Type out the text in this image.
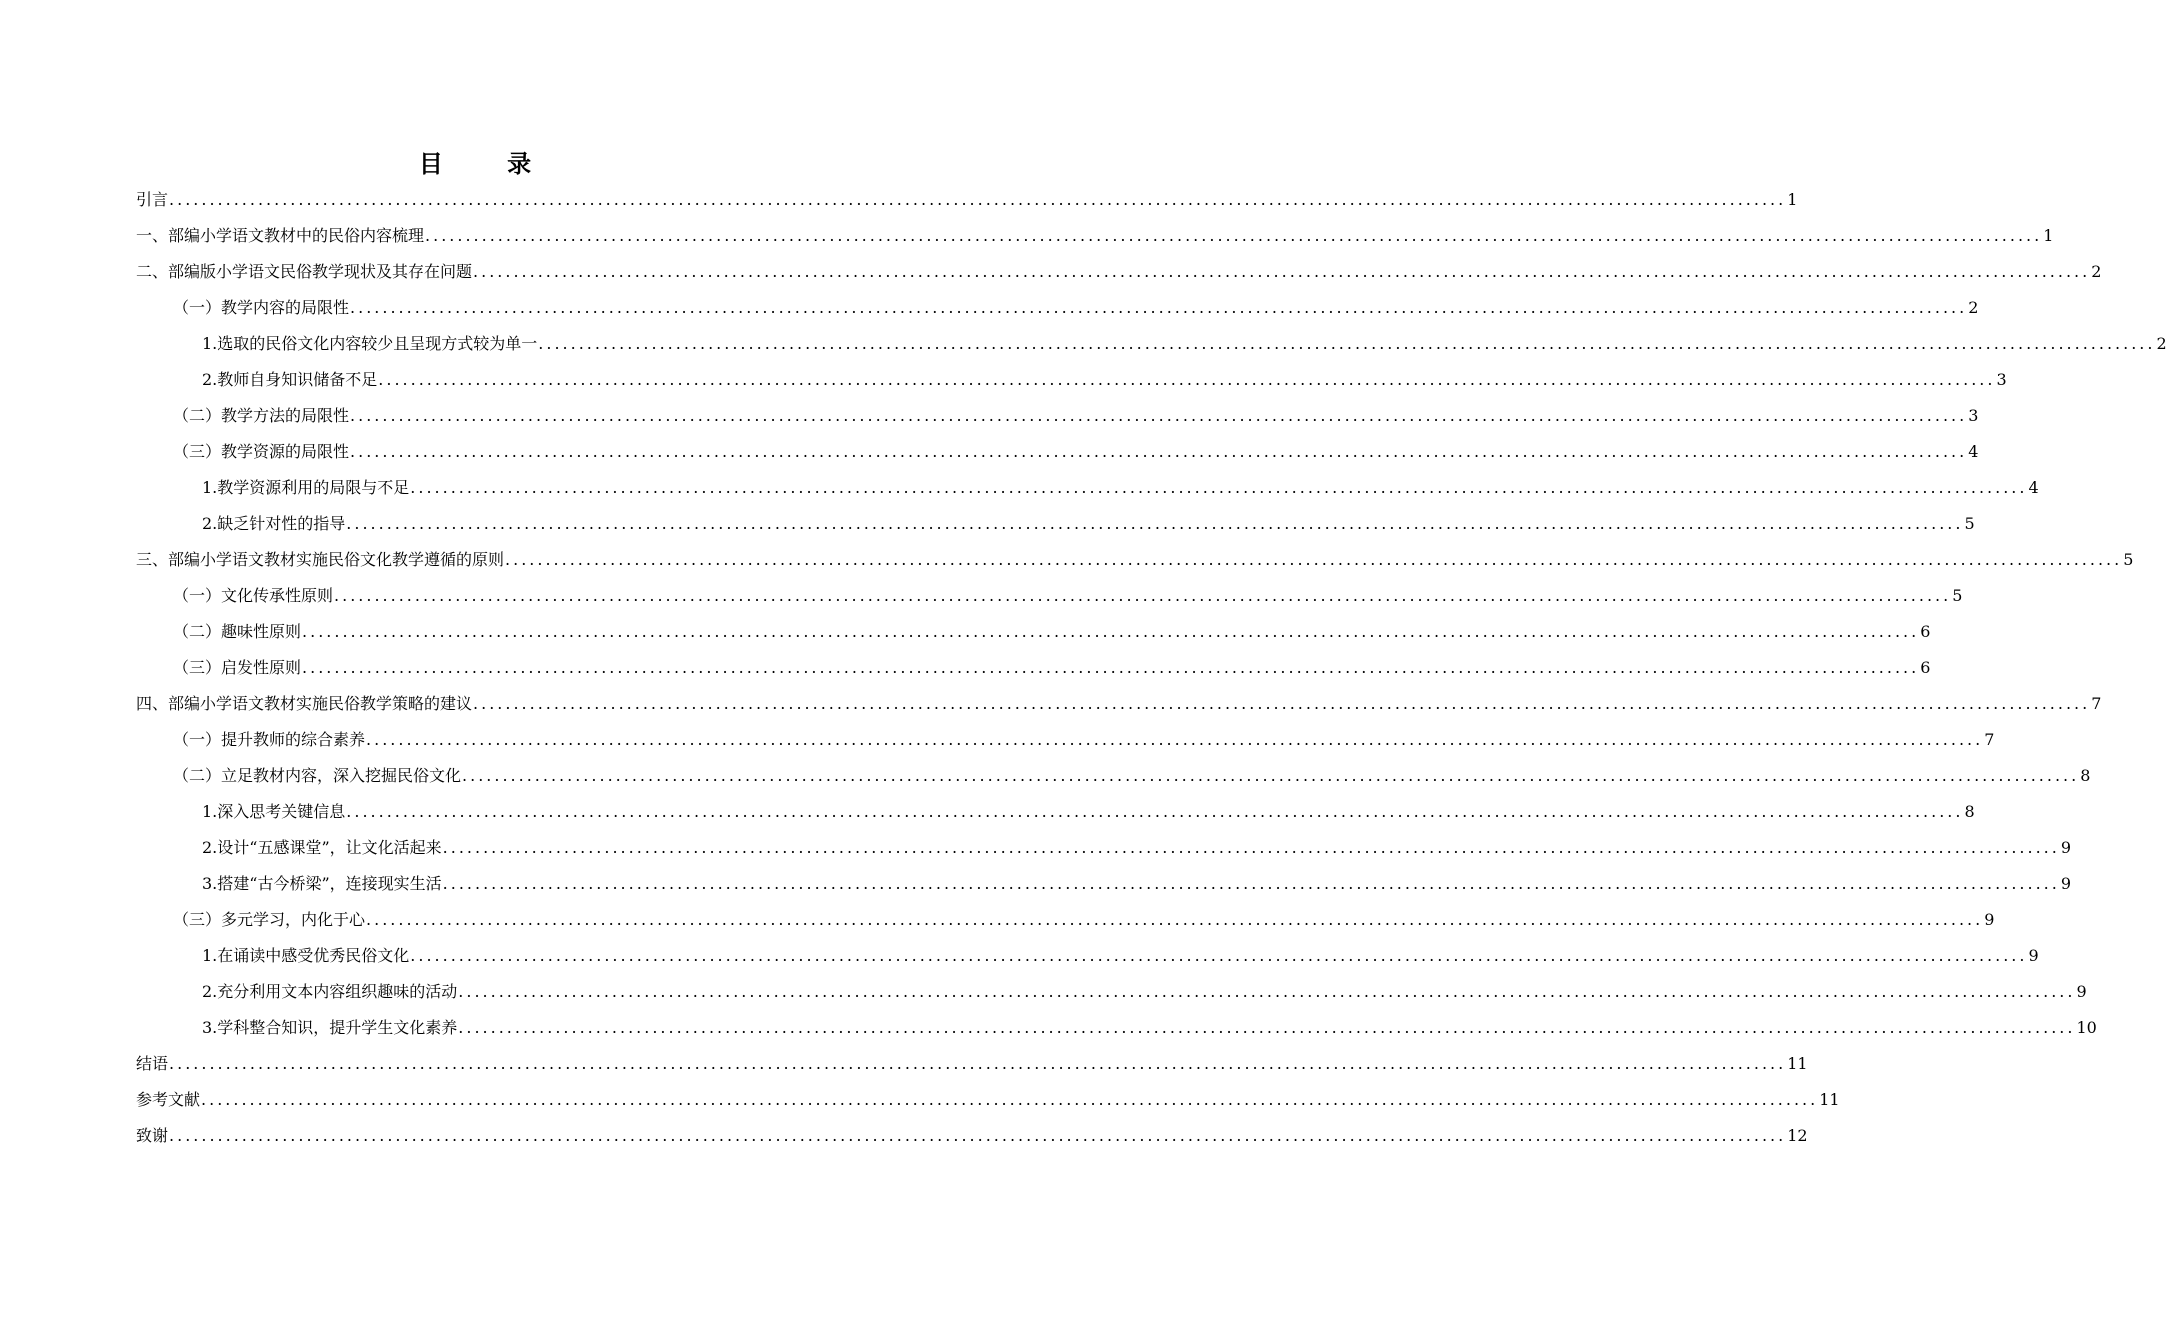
目 录
引言 ........................................................................................................................................................................................................ 1
一、部编小学语文教材中的民俗内容梳理 ........................................................................................................................................................................................................ 1
二、部编版小学语文民俗教学现状及其存在问题 ........................................................................................................................................................................................................ 2
（一）教学内容的局限性 ........................................................................................................................................................................................................ 2
1.选取的民俗文化内容较少且呈现方式较为单一 ........................................................................................................................................................................................................ 2
2.教师自身知识储备不足 ........................................................................................................................................................................................................ 3
（二）教学方法的局限性 ........................................................................................................................................................................................................ 3
（三）教学资源的局限性 ........................................................................................................................................................................................................ 4
1.教学资源利用的局限与不足 ........................................................................................................................................................................................................ 4
2.缺乏针对性的指导 ........................................................................................................................................................................................................ 5
三、部编小学语文教材实施民俗文化教学遵循的原则 ........................................................................................................................................................................................................ 5
（一）文化传承性原则 ........................................................................................................................................................................................................ 5
（二）趣味性原则 ........................................................................................................................................................................................................ 6
（三）启发性原则 ........................................................................................................................................................................................................ 6
四、部编小学语文教材实施民俗教学策略的建议 ........................................................................................................................................................................................................ 7
（一）提升教师的综合素养 ........................................................................................................................................................................................................ 7
（二）立足教材内容，深入挖掘民俗文化 ........................................................................................................................................................................................................ 8
1.深入思考关键信息 ........................................................................................................................................................................................................ 8
2.设计“五感课堂”，让文化活起来 ........................................................................................................................................................................................................ 9
3.搭建“古今桥梁”，连接现实生活 ........................................................................................................................................................................................................ 9
（三）多元学习，内化于心 ........................................................................................................................................................................................................ 9
1.在诵读中感受优秀民俗文化 ........................................................................................................................................................................................................ 9
2.充分利用文本内容组织趣味的活动 ........................................................................................................................................................................................................ 9
3.学科整合知识，提升学生文化素养 ........................................................................................................................................................................................................ 10
结语 ........................................................................................................................................................................................................ 11
参考文献 ........................................................................................................................................................................................................ 11
致谢 ........................................................................................................................................................................................................ 12
